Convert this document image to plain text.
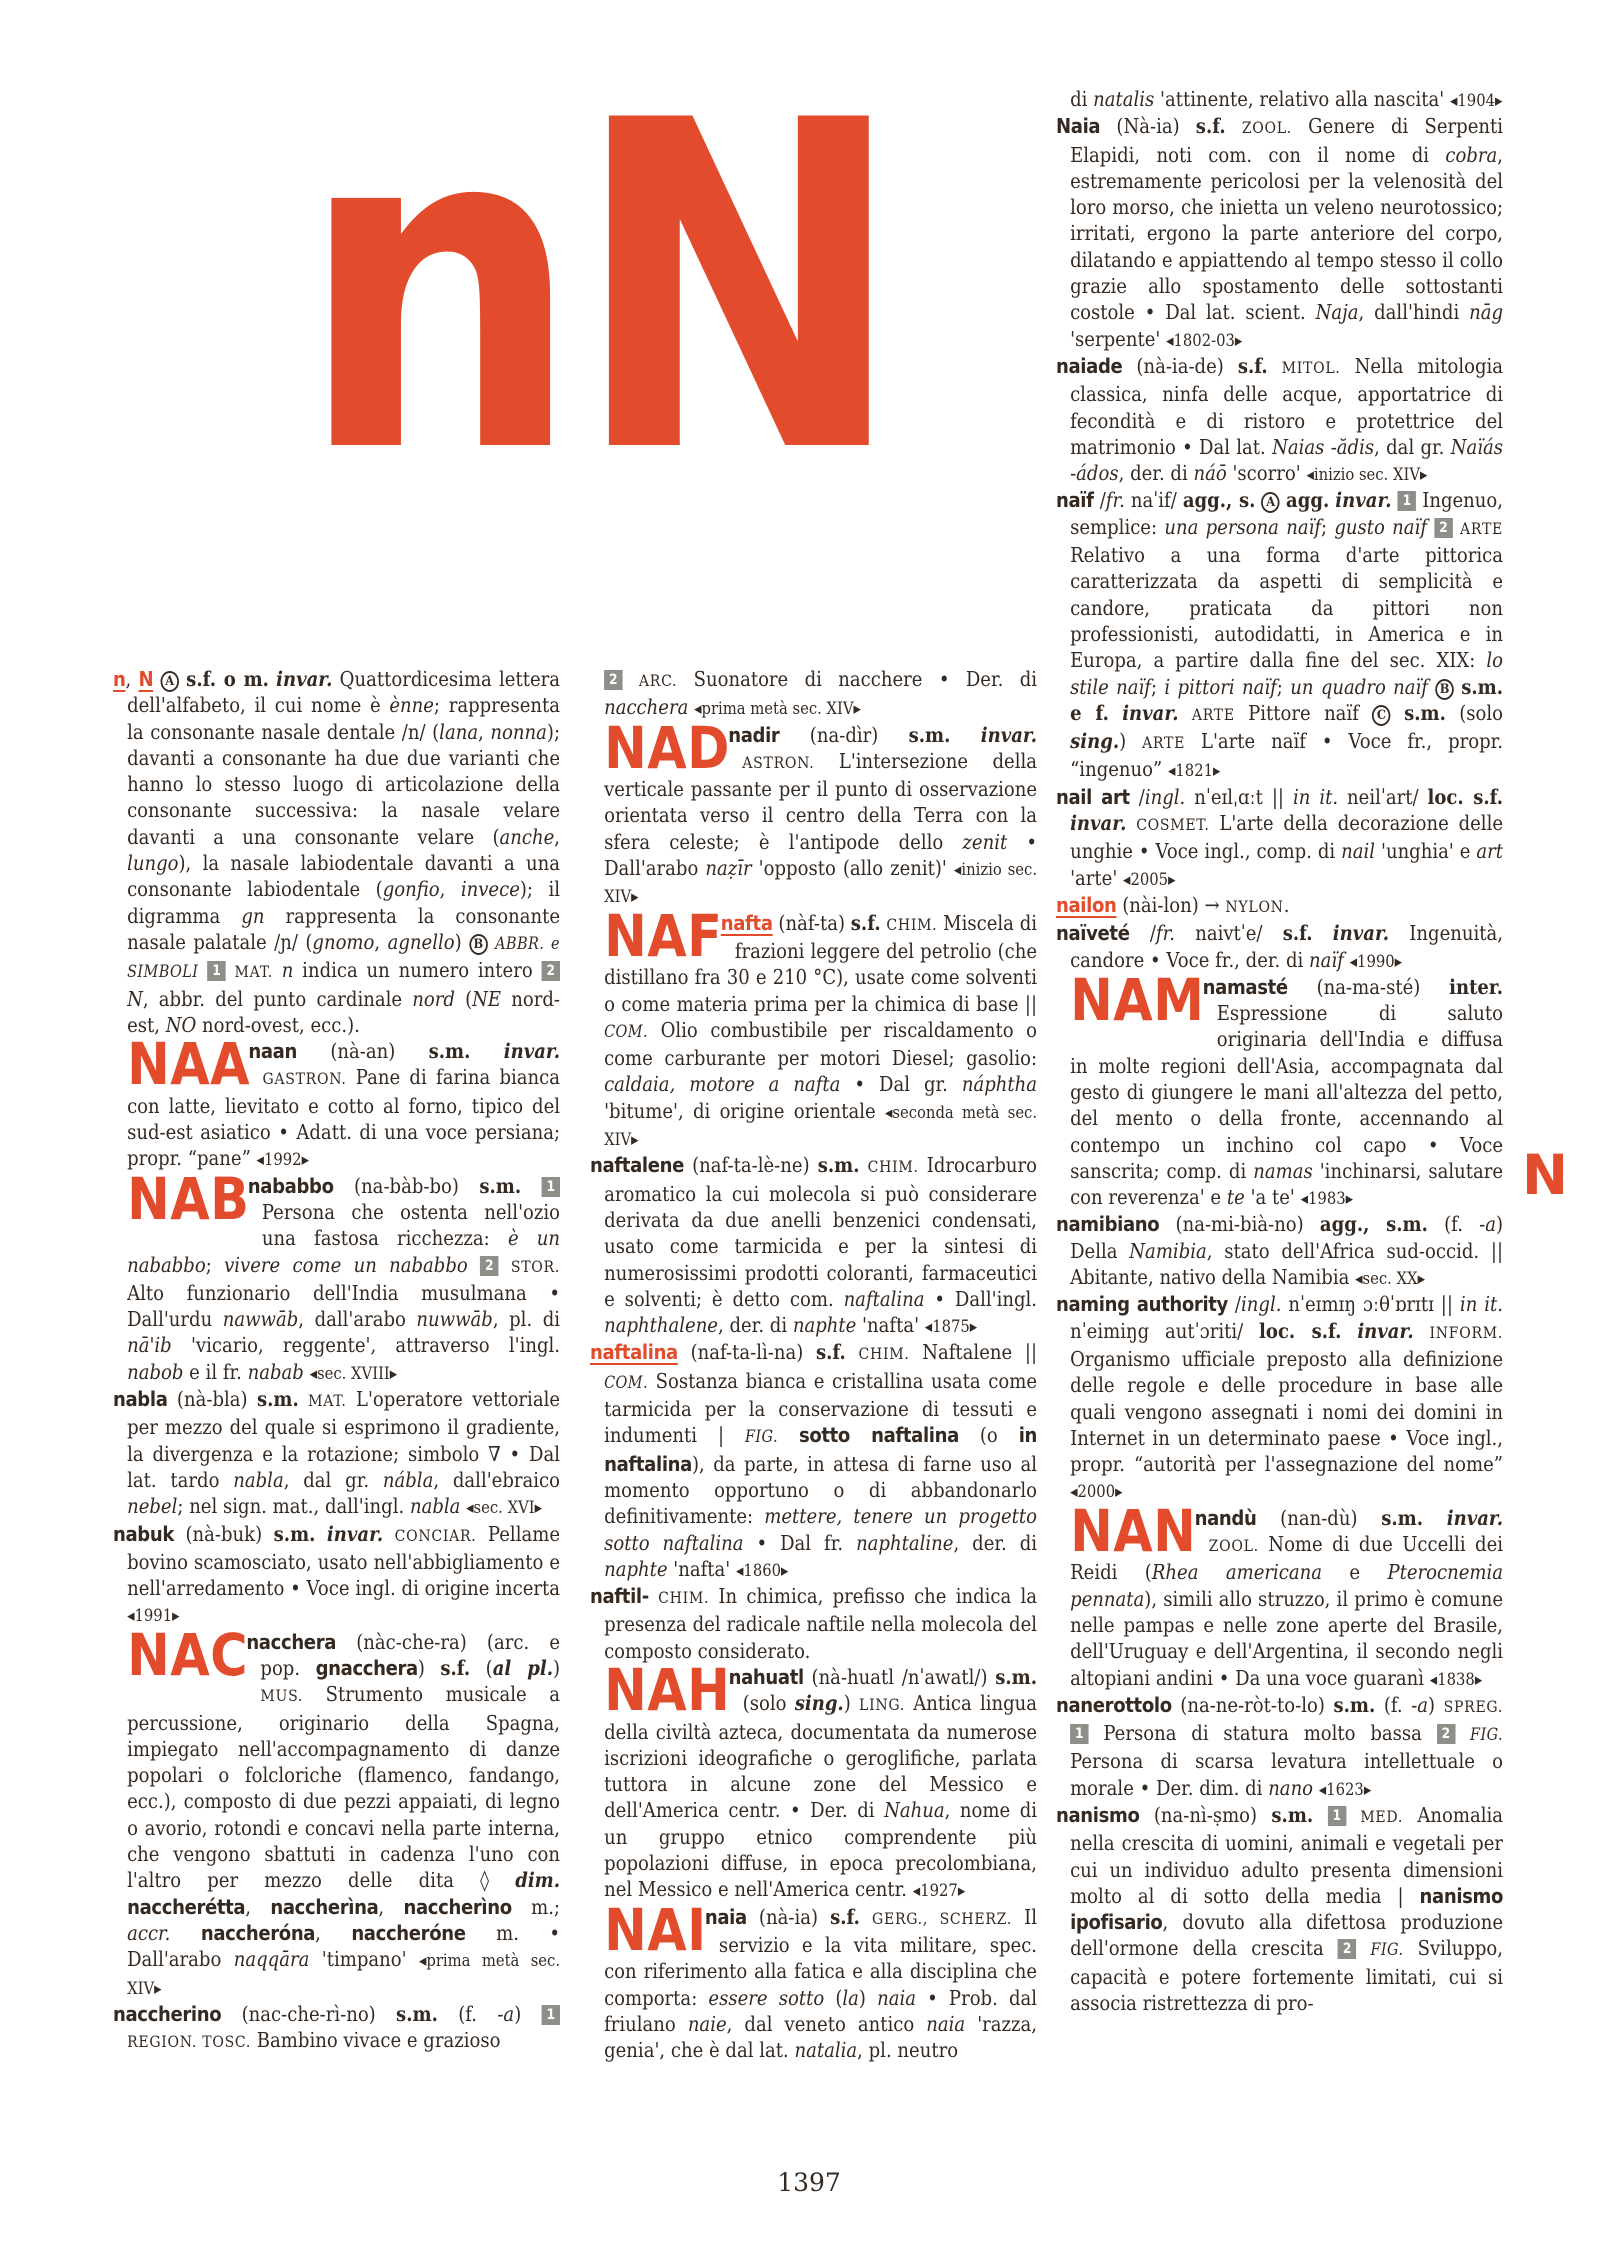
nN
N

n, N A s.f. o m. invar. Quattordicesima lettera dell'alfabeto, il cui nome è ènne; rappresenta la consonante nasale dentale /n/ (lana, nonna); davanti a consonante ha due due varianti che hanno lo stesso luogo di articolazione della consonante successiva: la nasale velare davanti a una consonante velare (anche, lungo), la nasale labiodentale davanti a una consonante labiodentale (gonfio, invece); il digramma gn rappresenta la consonante nasale palatale /ɲ/ (gnomo, agnello) B ABBR. e SIMBOLI 1 MAT. n indica un numero intero 2 N, abbr. del punto cardinale nord (NE nord-est, NO nord-ovest, ecc.).

NAA
naan (nà-an) s.m. invar. GASTRON. Pane di farina bianca con latte, lievitato e cotto al forno, tipico del sud-est asiatico • Adatt. di una voce persiana; propr. “pane” ◂1992▸

NAB
nababbo (na-bàb-bo) s.m. 1 Persona che ostenta nell'ozio una fastosa ricchezza: è un nababbo; vivere come un nababbo 2 STOR. Alto funzionario dell'India musulmana • Dall'urdu nawwāb, dall'arabo nuwwāb, pl. di nā'ib 'vicario, reggente', attraverso l'ingl. nabob e il fr. nabab ◂sec. XVIII▸

nabla (nà-bla) s.m. MAT. L'operatore vettoriale per mezzo del quale si esprimono il gradiente, la divergenza e la rotazione; simbolo ∇ • Dal lat. tardo nabla, dal gr. nábla, dall'ebraico nebel; nel sign. mat., dall'ingl. nabla ◂sec. XVI▸

nabuk (nà-buk) s.m. invar. CONCIAR. Pellame bovino scamosciato, usato nell'abbigliamento e nell'arredamento • Voce ingl. di origine incerta ◂1991▸

NAC
nacchera (nàc-che-ra) (arc. e pop. gnacchera) s.f. (al pl.) MUS. Strumento musicale a percussione, originario della Spagna, impiegato nell'accompagnamento di danze popolari o folcloriche (flamenco, fandango, ecc.), composto di due pezzi appaiati, di legno o avorio, rotondi e concavi nella parte interna, che vengono sbattuti in cadenza l'uno con l'altro per mezzo delle dita ◊ dim. naccherétta, naccherìna, naccherìno m.; accr. naccheróna, naccheróne m. • Dall'arabo naqqāra 'timpano' ◂prima metà sec. XIV▸

naccherino (nac-che-rì-no) s.m. (f. -a) 1 REGION. TOSC. Bambino vivace e grazioso

2 ARC. Suonatore di nacchere • Der. di nacchera ◂prima metà sec. XIV▸

NAD
nadir (na-dìr) s.m. invar. ASTRON. L'intersezione della verticale passante per il punto di osservazione orientata verso il centro della Terra con la sfera celeste; è l'antipode dello zenit • Dall'arabo naẓīr 'opposto (allo zenit)' ◂inizio sec. XIV▸

NAF
nafta (nàf-ta) s.f. CHIM. Miscela di frazioni leggere del petrolio (che distillano fra 30 e 210 °C), usate come solventi o come materia prima per la chimica di base || COM. Olio combustibile per riscaldamento o come carburante per motori Diesel; gasolio: caldaia, motore a nafta • Dal gr. náphtha 'bitume', di origine orientale ◂seconda metà sec. XIV▸

naftalene (naf-ta-lè-ne) s.m. CHIM. Idrocarburo aromatico la cui molecola si può considerare derivata da due anelli benzenici condensati, usato come tarmicida e per la sintesi di numerosissimi prodotti coloranti, farmaceutici e solventi; è detto com. naftalina • Dall'ingl. naphthalene, der. di naphte 'nafta' ◂1875▸

naftalina (naf-ta-lì-na) s.f. CHIM. Naftalene || COM. Sostanza bianca e cristallina usata come tarmicida per la conservazione di tessuti e indumenti | FIG. sotto naftalina (o in naftalina), da parte, in attesa di farne uso al momento opportuno o di abbandonarlo definitivamente: mettere, tenere un progetto sotto naftalina • Dal fr. naphtaline, der. di naphte 'nafta' ◂1860▸

naftil- CHIM. In chimica, prefisso che indica la presenza del radicale naftile nella molecola del composto considerato.

NAH
nahuatl (nà-huatl /nˈawatl/) s.m. (solo sing.) LING. Antica lingua della civiltà azteca, documentata da numerose iscrizioni ideografiche o geroglifiche, parlata tuttora in alcune zone del Messico e dell'America centr. • Der. di Nahua, nome di un gruppo etnico comprendente più popolazioni diffuse, in epoca precolombiana, nel Messico e nell'America centr. ◂1927▸

NAI
naia (nà-ia) s.f. GERG., SCHERZ. Il servizio e la vita militare, spec. con riferimento alla fatica e alla disciplina che comporta: essere sotto (la) naia • Prob. dal friulano naie, dal veneto antico naia 'razza, genia', che è dal lat. natalia, pl. neutro

di natalis 'attinente, relativo alla nascita' ◂1904▸

Naia (Nà-ia) s.f. ZOOL. Genere di Serpenti Elapidi, noti com. con il nome di cobra, estremamente pericolosi per la velenosità del loro morso, che inietta un veleno neurotossico; irritati, ergono la parte anteriore del corpo, dilatando e appiattendo al tempo stesso il collo grazie allo spostamento delle sottostanti costole • Dal lat. scient. Naja, dall'hindi nāg 'serpente' ◂1802-03▸

naiade (nà-ia-de) s.f. MITOL. Nella mitologia classica, ninfa delle acque, apportatrice di fecondità e di ristoro e protettrice del matrimonio • Dal lat. Naias -ădis, dal gr. Naïás -ádos, der. di náō 'scorro' ◂inizio sec. XIV▸

naïf /fr. naˈif/ agg., s. A agg. invar. 1 Ingenuo, semplice: una persona naïf; gusto naïf 2 ARTE Relativo a una forma d'arte pittorica caratterizzata da aspetti di semplicità e candore, praticata da pittori non professionisti, autodidatti, in America e in Europa, a partire dalla fine del sec. XIX: lo stile naïf; i pittori naïf; un quadro naïf B s.m. e f. invar. ARTE Pittore naïf C s.m. (solo sing.) ARTE L'arte naïf • Voce fr., propr. “ingenuo” ◂1821▸

nail art /ingl. nˈeɪlˌɑːt || in it. neilˈart/ loc. s.f. invar. COSMET. L'arte della decorazione delle unghie • Voce ingl., comp. di nail 'unghia' e art 'arte' ◂2005▸

nailon (nài-lon) → NYLON.

naïveté /fr. naivtˈe/ s.f. invar. Ingenuità, candore • Voce fr., der. di naïf ◂1990▸

NAM
namasté (na-ma-sté) inter. Espressione di saluto originaria dell'India e diffusa in molte regioni dell'Asia, accompagnata dal gesto di giungere le mani all'altezza del petto, del mento o della fronte, accennando al contempo un inchino col capo • Voce sanscrita; comp. di namas 'inchinarsi, salutare con reverenza' e te 'a te' ◂1983▸

namibiano (na-mi-bià-no) agg., s.m. (f. -a) Della Namibia, stato dell'Africa sud-occid. || Abitante, nativo della Namibia ◂sec. XX▸

naming authority /ingl. nˈeɪmɪŋ ɔːθˈɒrɪtɪ || in it. nˈeimiŋg autˈɔriti/ loc. s.f. invar. INFORM. Organismo ufficiale preposto alla definizione delle regole e delle procedure in base alle quali vengono assegnati i nomi dei domini in Internet in un determinato paese • Voce ingl., propr. “autorità per l'assegnazione del nome” ◂2000▸

NAN
nandù (nan-dù) s.m. invar. ZOOL. Nome di due Uccelli dei Reidi (Rhea americana e Pterocnemia pennata), simili allo struzzo, il primo è comune nelle pampas e nelle zone aperte del Brasile, dell'Uruguay e dell'Argentina, il secondo negli altopiani andini • Da una voce guaranì ◂1838▸

nanerottolo (na-ne-ròt-to-lo) s.m. (f. -a) SPREG. 1 Persona di statura molto bassa 2 FIG. Persona di scarsa levatura intellettuale o morale • Der. dim. di nano ◂1623▸

nanismo (na-nì-ṣmo) s.m. 1 MED. Anomalia nella crescita di uomini, animali e vegetali per cui un individuo adulto presenta dimensioni molto al di sotto della media | nanismo ipofisario, dovuto alla difettosa produzione dell'ormone della crescita 2 FIG. Sviluppo, capacità e potere fortemente limitati, cui si associa ristrettezza di pro-

1397
